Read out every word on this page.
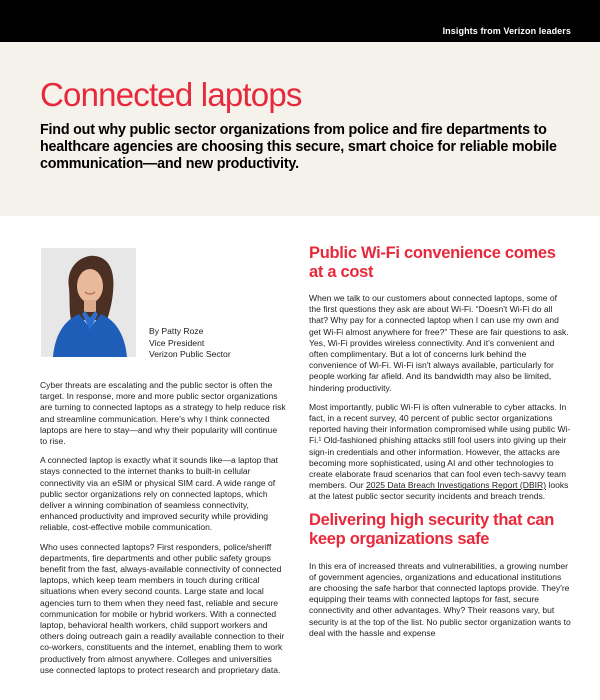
Insights from Verizon leaders
Connected laptops

Find out why public sector organizations from police and fire departments to healthcare agencies are choosing this secure, smart choice for reliable mobile communication—and new productivity.

By Patty Roze
Vice President
Verizon Public Sector

Cyber threats are escalating and the public sector is often the target. In response, more and more public sector organizations are turning to connected laptops as a strategy to help reduce risk and streamline communication. Here's why I think connected laptops are here to stay—and why their popularity will continue to rise.

A connected laptop is exactly what it sounds like—a laptop that stays connected to the internet thanks to built-in cellular connectivity via an eSIM or physical SIM card. A wide range of public sector organizations rely on connected laptops, which deliver a winning combination of seamless connectivity, enhanced productivity and improved security while providing reliable, cost-effective mobile communication.

Who uses connected laptops? First responders, police/sheriff departments, fire departments and other public safety groups benefit from the fast, always-available connectivity of connected laptops, which keep team members in touch during critical situations when every second counts. Large state and local agencies turn to them when they need fast, reliable and secure communication for mobile or hybrid workers. With a connected laptop, behavioral health workers, child support workers and others doing outreach gain a readily available connection to their co-workers, constituents and the internet, enabling them to work productively from almost anywhere. Colleges and universities use connected laptops to protect research and proprietary data.

Public Wi-Fi convenience comes at a cost

When we talk to our customers about connected laptops, some of the first questions they ask are about Wi-Fi. “Doesn't Wi-Fi do all that? Why pay for a connected laptop when I can use my own and get Wi-Fi almost anywhere for free?” These are fair questions to ask. Yes, Wi-Fi provides wireless connectivity. And it's convenient and often complimentary. But a lot of concerns lurk behind the convenience of Wi-Fi. Wi-Fi isn't always available, particularly for people working far afield. And its bandwidth may also be limited, hindering productivity.

Most importantly, public Wi-Fi is often vulnerable to cyber attacks. In fact, in a recent survey, 40 percent of public sector organizations reported having their information compromised while using public Wi-Fi.¹ Old-fashioned phishing attacks still fool users into giving up their sign-in credentials and other information. However, the attacks are becoming more sophisticated, using AI and other technologies to create elaborate fraud scenarios that can fool even tech-savvy team members. Our 2025 Data Breach Investigations Report (DBIR) looks at the latest public sector security incidents and breach trends.

Delivering high security that can keep organizations safe

In this era of increased threats and vulnerabilities, a growing number of government agencies, organizations and educational institutions are choosing the safe harbor that connected laptops provide. They're equipping their teams with connected laptops for fast, secure connectivity and other advantages. Why? Their reasons vary, but security is at the top of the list. No public sector organization wants to deal with the hassle and expense
